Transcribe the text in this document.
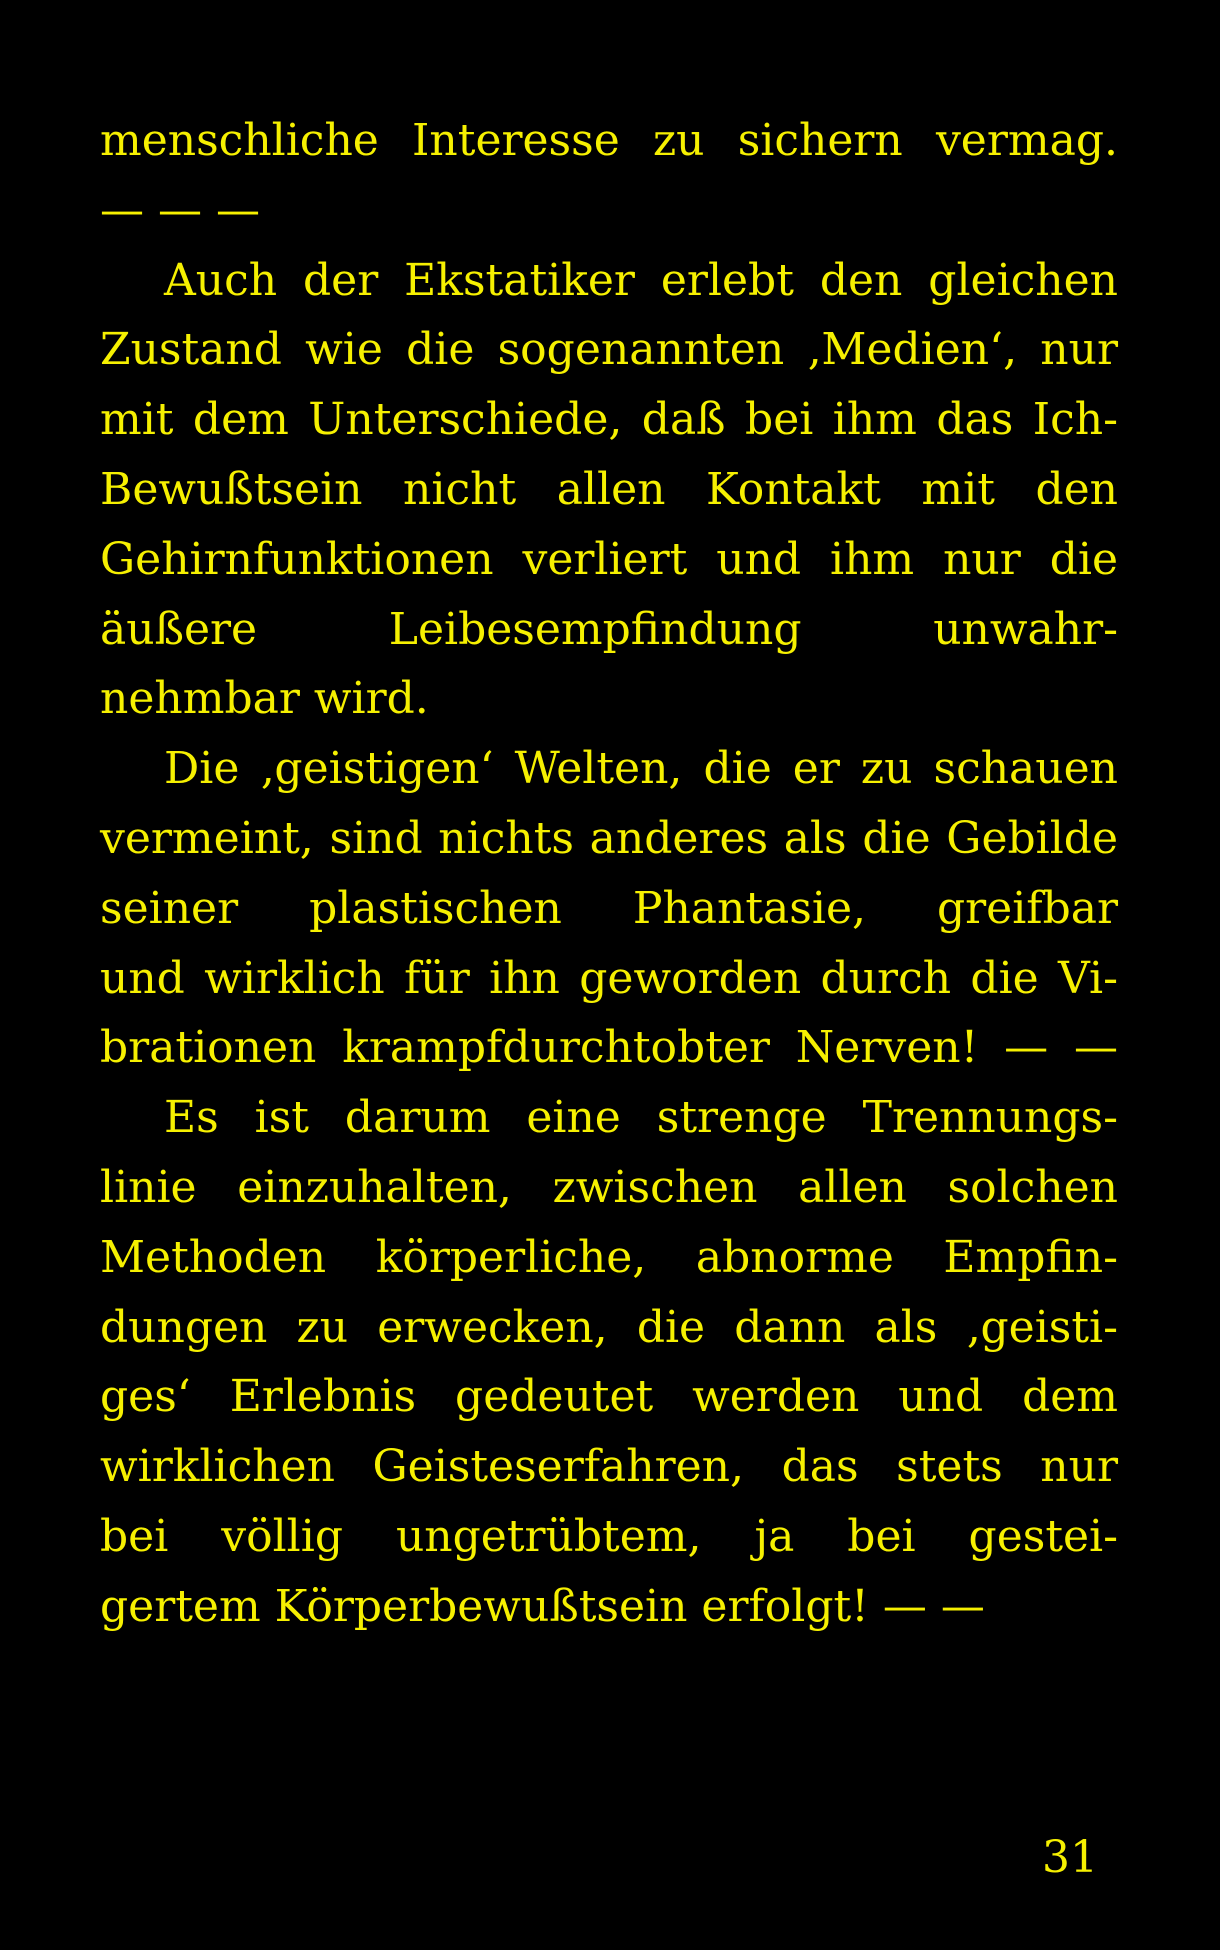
menschliche Interesse zu sichern vermag.
— — —
Auch der Ekstatiker erlebt den gleichen
Zustand wie die sogenannten ‚Medien‘, nur
mit dem Unterschiede, daß bei ihm das Ich-
Bewußtsein nicht allen Kontakt mit den
Gehirnfunktionen verliert und ihm nur die
äußere Leibesempfindung unwahr-
nehmbar wird.
Die ‚geistigen‘ Welten, die er zu schauen
vermeint, sind nichts anderes als die Gebilde
seiner plastischen Phantasie, greifbar
und wirklich für ihn geworden durch die Vi-
brationen krampfdurchtobter Nerven! — —
Es ist darum eine strenge Trennungs-
linie einzuhalten, zwischen allen solchen
Methoden körperliche, abnorme Empfin-
dungen zu erwecken, die dann als ‚geisti-
ges‘ Erlebnis gedeutet werden und dem
wirklichen Geisteserfahren, das stets nur
bei völlig ungetrübtem, ja bei gestei-
gertem Körperbewußtsein erfolgt! — —
31
